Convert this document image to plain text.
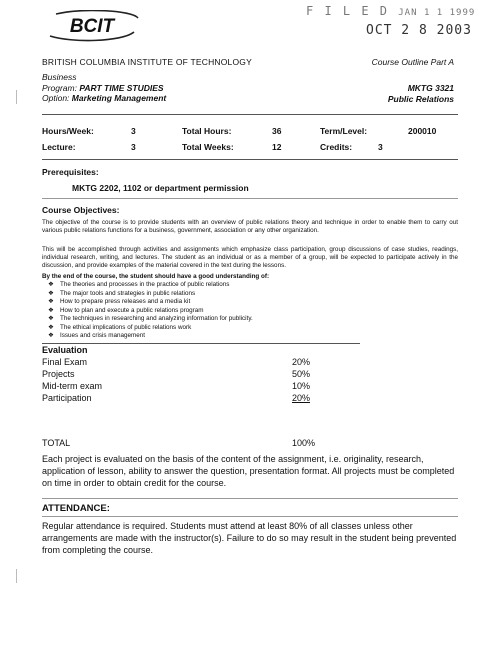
BCIT
F I L E D JAN 1 1 1999
OCT 2 8 2003
BRITISH COLUMBIA INSTITUTE OF TECHNOLOGY	Course Outline Part A
Business
Program: PART TIME STUDIES
Option: Marketing Management
MKTG 3321
Public Relations
Hours/Week:	3	Total Hours:	36	Term/Level:	200010
Lecture:	3	Total Weeks:	12	Credits:	3
Prerequisites:
MKTG 2202, 1102 or department permission
Course Objectives:
The objective of the course is to provide students with an overview of public relations theory and technique in order to enable them to carry out various public relations functions for a business, government, association or any other organization.
This will be accomplished through activities and assignments which emphasize class participation, group discussions of case studies, readings, individual research, writing, and lectures. The student as an individual or as a member of a group, will be expected to participate actively in the discussion, and provide examples of the material covered in the text during the lessons.
By the end of the course, the student should have a good understanding of:
❖ The theories and processes in the practice of public relations
❖ The major tools and strategies in public relations
❖ How to prepare press releases and a media kit
❖ How to plan and execute a public relations program
❖ The techniques in researching and analyzing information for publicity.
❖ The ethical implications of public relations work
❖ Issues and crisis management
Evaluation
Final Exam	20%
Projects	50%
Mid-term exam	10%
Participation	20%
TOTAL	100%
Each project is evaluated on the basis of the content of the assignment, i.e. originality, research, application of lesson, ability to answer the question, presentation format. All projects must be completed on time in order to obtain credit for the course.
ATTENDANCE:
Regular attendance is required. Students must attend at least 80% of all classes unless other arrangements are made with the instructor(s). Failure to do so may result in the student being prevented from completing the course.
